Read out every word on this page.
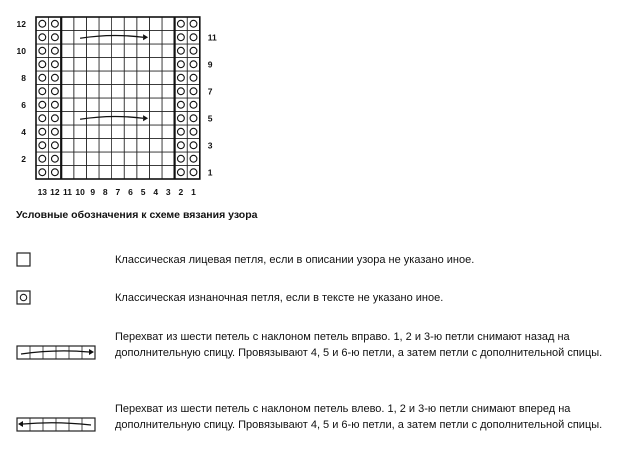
13 12 11 10 9 8 7 6 5 4 3 2 1
12
10
8
6
4
2
11
9
7
5
3
1
Условные обозначения к схеме вязания узора
Классическая лицевая петля, если в описании узора не указано иное.
Классическая изнаночная петля, если в тексте не указано иное.
Перехват из шести петель с наклоном петель вправо. 1, 2 и 3-ю петли снимают назад на дополнительную спицу. Провязывают 4, 5 и 6-ю петли, а затем петли с дополнительной спицы.
Перехват из шести петель с наклоном петель влево. 1, 2 и 3-ю петли снимают вперед на дополнительную спицу. Провязывают 4, 5 и 6-ю петли, а затем петли с дополнительной спицы.
